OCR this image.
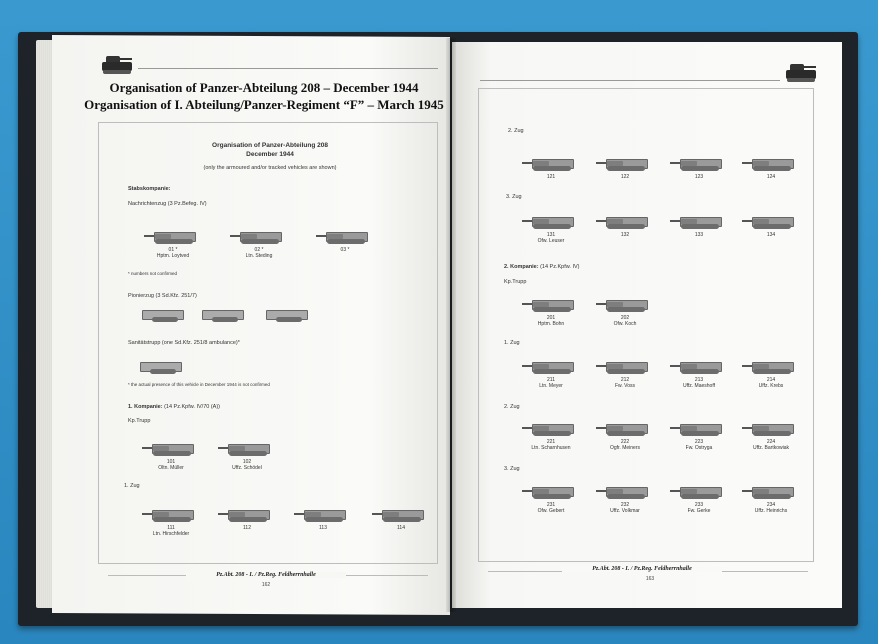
Organisation of Panzer-Abteilung 208 – December 1944
Organisation of I. Abteilung/Panzer-Regiment “F” – March 1945
Organisation of Panzer-Abteilung 208
December 1944
(only the armoured and/or tracked vehicles are shown)
Stabskompanie:
Nachrichtenzug (3 Pz.Befeg. IV)
* numbers not confirmed
Pionierzug (3 Sd.Kfz. 251/7)
Sanitätstrupp (one Sd.Kfz. 251/8 ambulance)*
* the actual presence of this vehicle in December 1944 is not confirmed
1. Kompanie: (14 Pz.Kpfw. IV/70 (A))
Kp.Trupp
1. Zug
Pz.Abt. 208 - I. / Pz.Reg. Feldherrnhalle
162
2. Zug
3. Zug
2. Kompanie: (14 Pz.Kpfw. IV)
Kp.Trupp
1. Zug
2. Zug
3. Zug
Pz.Abt. 208 - I. / Pz.Reg. Feldherrnhalle
163
01 *
Hptm. Loytved
02 *
Ltn. Steding
03 *
101
Oltn. Müller
102
Uffz. Schödel
111
Ltn. Hirschfelder
112	113	114
121	122	123	124
131
Ofw. Leuser
132	133	134
201
Hptm. Bohn
202
Ofw. Koch
211
Ltn. Meyer
212
Fw. Voss
213
Uffz. Maeshoff
214
Uffz. Krebs
221
Ltn. Scharnhusen
222
Ogfr. Meiners
223
Fw. Ostryga
224
Uffz. Bartkowiak
231
Ofw. Gebert
232
Uffz. Volkmar
233
Fw. Gerke
234
Uffz. Heinrichs
